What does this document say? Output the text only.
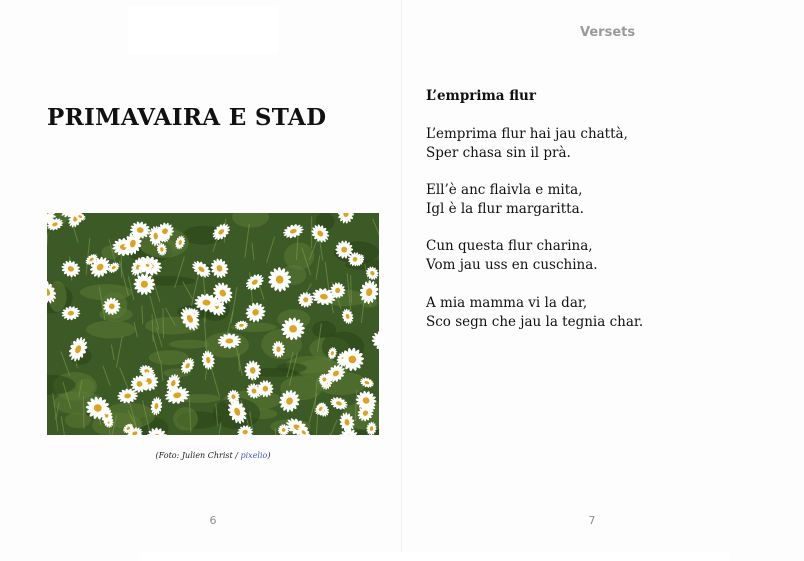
PRIMAVAIRA E STAD
(Foto: Julien Christ / pixelio)
6
Versets
L’emprima flur
L’emprima flur hai jau chattà,
Sper chasa sin il prà.
Ell’è anc flaivla e mita,
Igl è la flur margaritta.
Cun questa flur charina,
Vom jau uss en cuschina.
A mia mamma vi la dar,
Sco segn che jau la tegnia char.
7
